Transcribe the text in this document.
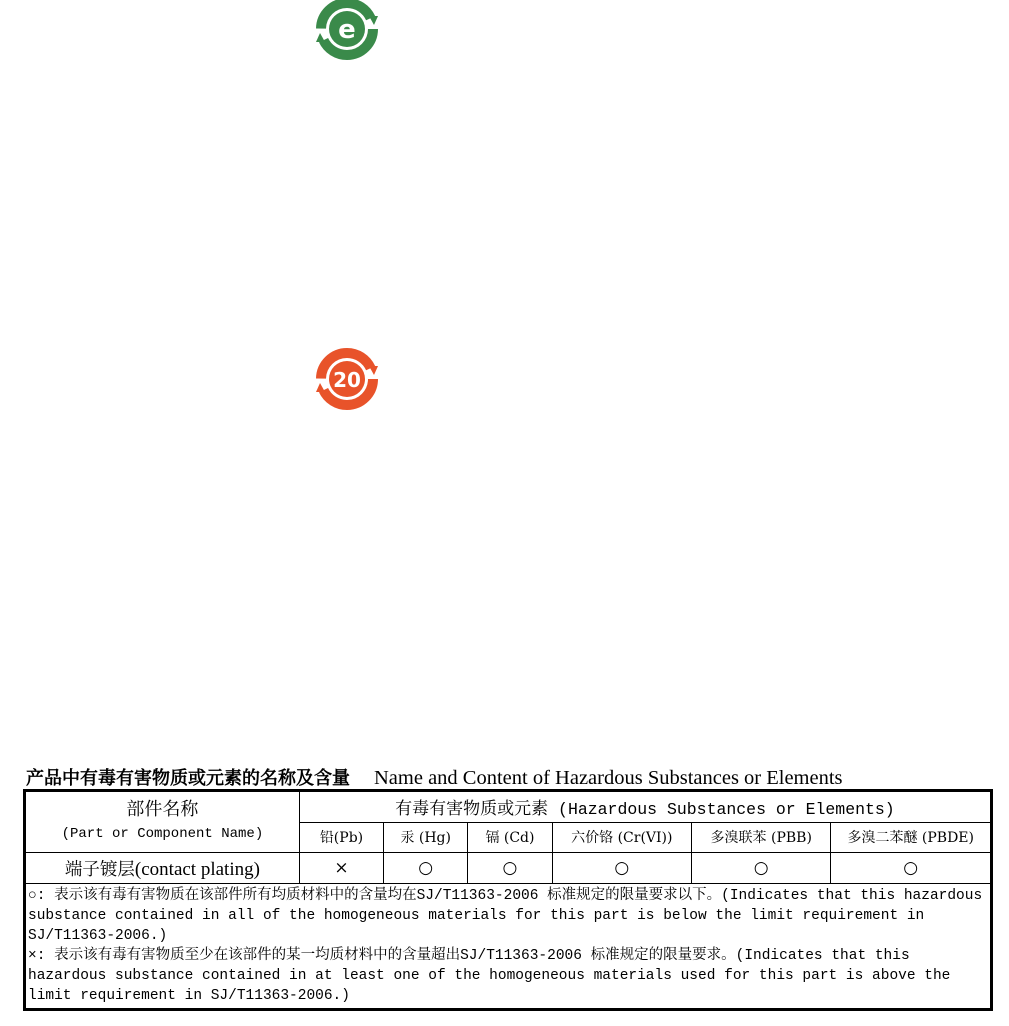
e
20
产品中有毒有害物质或元素的名称及含量 Name and Content of Hazardous Substances or Elements
部件名称
(Part or Component Name)	有毒有害物质或元素 (Hazardous Substances or Elements)					
	铅(Pb)	汞 (Hg)	镉 (Cd)	六价铬 (Cr(VI))	多溴联苯 (PBB)	多溴二苯醚 (PBDE)
端子镀层(contact plating)	×	○	○	○	○	○

○: 表示该有毒有害物质在该部件所有均质材料中的含量均在SJ/T11363-2006 标准规定的限量要求以下。(Indicates that this hazardous substance contained in all of the homogeneous materials for this part is below the limit requirement in SJ/T11363-2006.)
×: 表示该有毒有害物质至少在该部件的某一均质材料中的含量超出SJ/T11363-2006 标准规定的限量要求。(Indicates that this hazardous substance contained in at least one of the homogeneous materials used for this part is above the limit requirement in SJ/T11363-2006.)						
